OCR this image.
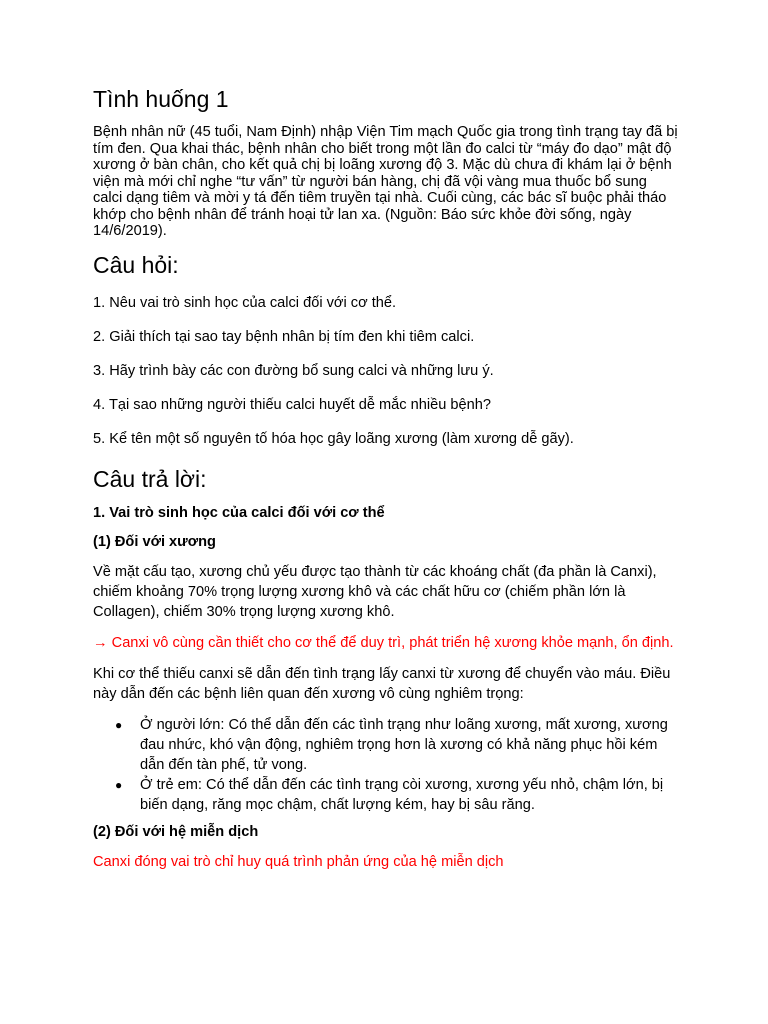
Tình huống 1

Bệnh nhân nữ (45 tuổi, Nam Định) nhập Viện Tim mạch Quốc gia trong tình trạng tay đã bị tím đen. Qua khai thác, bệnh nhân cho biết trong một lần đo calci từ “máy đo dạo” mật độ xương ở bàn chân, cho kết quả chị bị loãng xương độ 3. Mặc dù chưa đi khám lại ở bệnh viện mà mới chỉ nghe “tư vấn” từ người bán hàng, chị đã vội vàng mua thuốc bổ sung calci dạng tiêm và mời y tá đến tiêm truyền tại nhà. Cuối cùng, các bác sĩ buộc phải tháo khớp cho bệnh nhân để tránh hoại tử lan xa. (Nguồn: Báo sức khỏe đời sống, ngày 14/6/2019).

Câu hỏi:

1. Nêu vai trò sinh học của calci đối với cơ thể.

2. Giải thích tại sao tay bệnh nhân bị tím đen khi tiêm calci.

3. Hãy trình bày các con đường bổ sung calci và những lưu ý.

4. Tại sao những người thiếu calci huyết dễ mắc nhiều bệnh?

5. Kể tên một số nguyên tố hóa học gây loãng xương (làm xương dễ gãy).

Câu trả lời:

1. Vai trò sinh học của calci đối với cơ thể

(1) Đối với xương

Về mặt cấu tạo, xương chủ yếu được tạo thành từ các khoáng chất (đa phần là Canxi), chiếm khoảng 70% trọng lượng xương khô và các chất hữu cơ (chiếm phần lớn là Collagen), chiếm 30% trọng lượng xương khô.

→ Canxi vô cùng cần thiết cho cơ thể để duy trì, phát triển hệ xương khỏe mạnh, ổn định.

Khi cơ thể thiếu canxi sẽ dẫn đến tình trạng lấy canxi từ xương để chuyển vào máu. Điều này dẫn đến các bệnh liên quan đến xương vô cùng nghiêm trọng:

● Ở người lớn: Có thể dẫn đến các tình trạng như loãng xương, mất xương, xương đau nhức, khó vận động, nghiêm trọng hơn là xương có khả năng phục hồi kém dẫn đến tàn phế, tử vong.
● Ở trẻ em: Có thể dẫn đến các tình trạng còi xương, xương yếu nhỏ, chậm lớn, bị biến dạng, răng mọc chậm, chất lượng kém, hay bị sâu răng.

(2) Đối với hệ miễn dịch

Canxi đóng vai trò chỉ huy quá trình phản ứng của hệ miễn dịch
